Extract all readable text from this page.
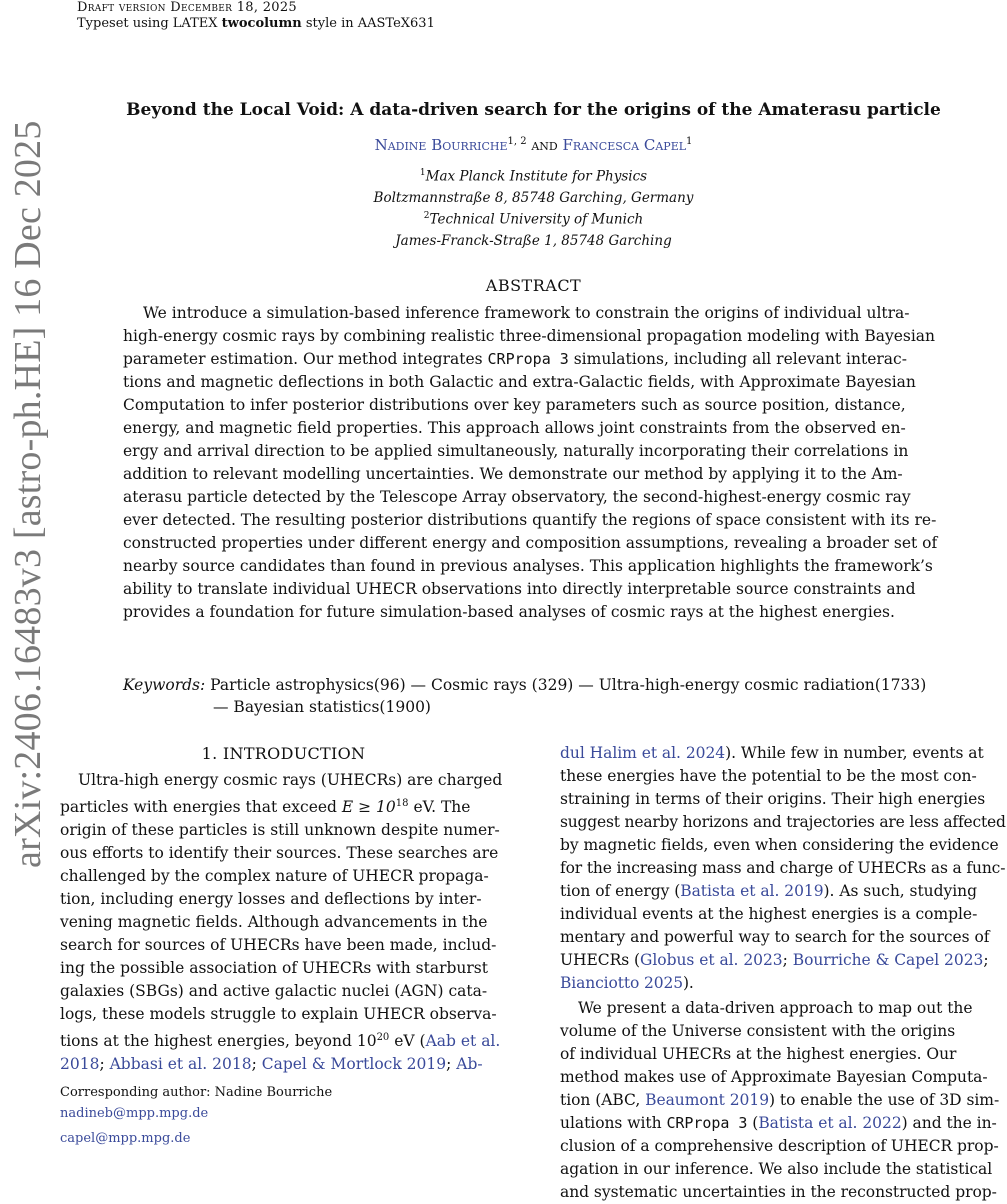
Draft version December 18, 2025
Typeset using LATEX twocolumn style in AASTeX631
arXiv:2406.16483v3 [astro-ph.HE] 16 Dec 2025
Beyond the Local Void: A data-driven search for the origins of the Amaterasu particle
Nadine Bourriche$^{1, 2}$ and Francesca Capel$^1$
$^1$Max Planck Institute for Physics
Boltzmannstraße 8, 85748 Garching, Germany
$^2$Technical University of Munich
James-Franck-Straße 1, 85748 Garching
ABSTRACT
We introduce a simulation-based inference framework to constrain the origins of individual ultra-
high-energy cosmic rays by combining realistic three-dimensional propagation modeling with Bayesian
parameter estimation. Our method integrates CRPropa 3 simulations, including all relevant interac-
tions and magnetic deflections in both Galactic and extra-Galactic fields, with Approximate Bayesian
Computation to infer posterior distributions over key parameters such as source position, distance,
energy, and magnetic field properties. This approach allows joint constraints from the observed en-
ergy and arrival direction to be applied simultaneously, naturally incorporating their correlations in
addition to relevant modelling uncertainties. We demonstrate our method by applying it to the Am-
aterasu particle detected by the Telescope Array observatory, the second-highest-energy cosmic ray
ever detected. The resulting posterior distributions quantify the regions of space consistent with its re-
constructed properties under different energy and composition assumptions, revealing a broader set of
nearby source candidates than found in previous analyses. This application highlights the framework’s
ability to translate individual UHECR observations into directly interpretable source constraints and
provides a foundation for future simulation-based analyses of cosmic rays at the highest energies.
Keywords: Particle astrophysics(96) — Cosmic rays (329) — Ultra-high-energy cosmic radiation(1733)
— Bayesian statistics(1900)
1. INTRODUCTION
Ultra-high energy cosmic rays (UHECRs) are charged
particles with energies that exceed $E \ge 10^{18}$ eV. The
origin of these particles is still unknown despite numer-
ous efforts to identify their sources. These searches are
challenged by the complex nature of UHECR propaga-
tion, including energy losses and deflections by inter-
vening magnetic fields. Although advancements in the
search for sources of UHECRs have been made, includ-
ing the possible association of UHECRs with starburst
galaxies (SBGs) and active galactic nuclei (AGN) cata-
logs, these models struggle to explain UHECR observa-
tions at the highest energies, beyond $10^{20}$ eV (Aab et al.
2018; Abbasi et al. 2018; Capel & Mortlock 2019; Ab-
Corresponding author: Nadine Bourriche
nadineb@mpp.mpg.de
capel@mpp.mpg.de
dul Halim et al. 2024). While few in number, events at
these energies have the potential to be the most con-
straining in terms of their origins. Their high energies
suggest nearby horizons and trajectories are less affected
by magnetic fields, even when considering the evidence
for the increasing mass and charge of UHECRs as a func-
tion of energy (Batista et al. 2019). As such, studying
individual events at the highest energies is a comple-
mentary and powerful way to search for the sources of
UHECRs (Globus et al. 2023; Bourriche & Capel 2023;
Bianciotto 2025).
We present a data-driven approach to map out the
volume of the Universe consistent with the origins
of individual UHECRs at the highest energies. Our
method makes use of Approximate Bayesian Computa-
tion (ABC, Beaumont 2019) to enable the use of 3D sim-
ulations with CRPropa 3 (Batista et al. 2022) and the in-
clusion of a comprehensive description of UHECR prop-
agation in our inference. We also include the statistical
and systematic uncertainties in the reconstructed prop-
